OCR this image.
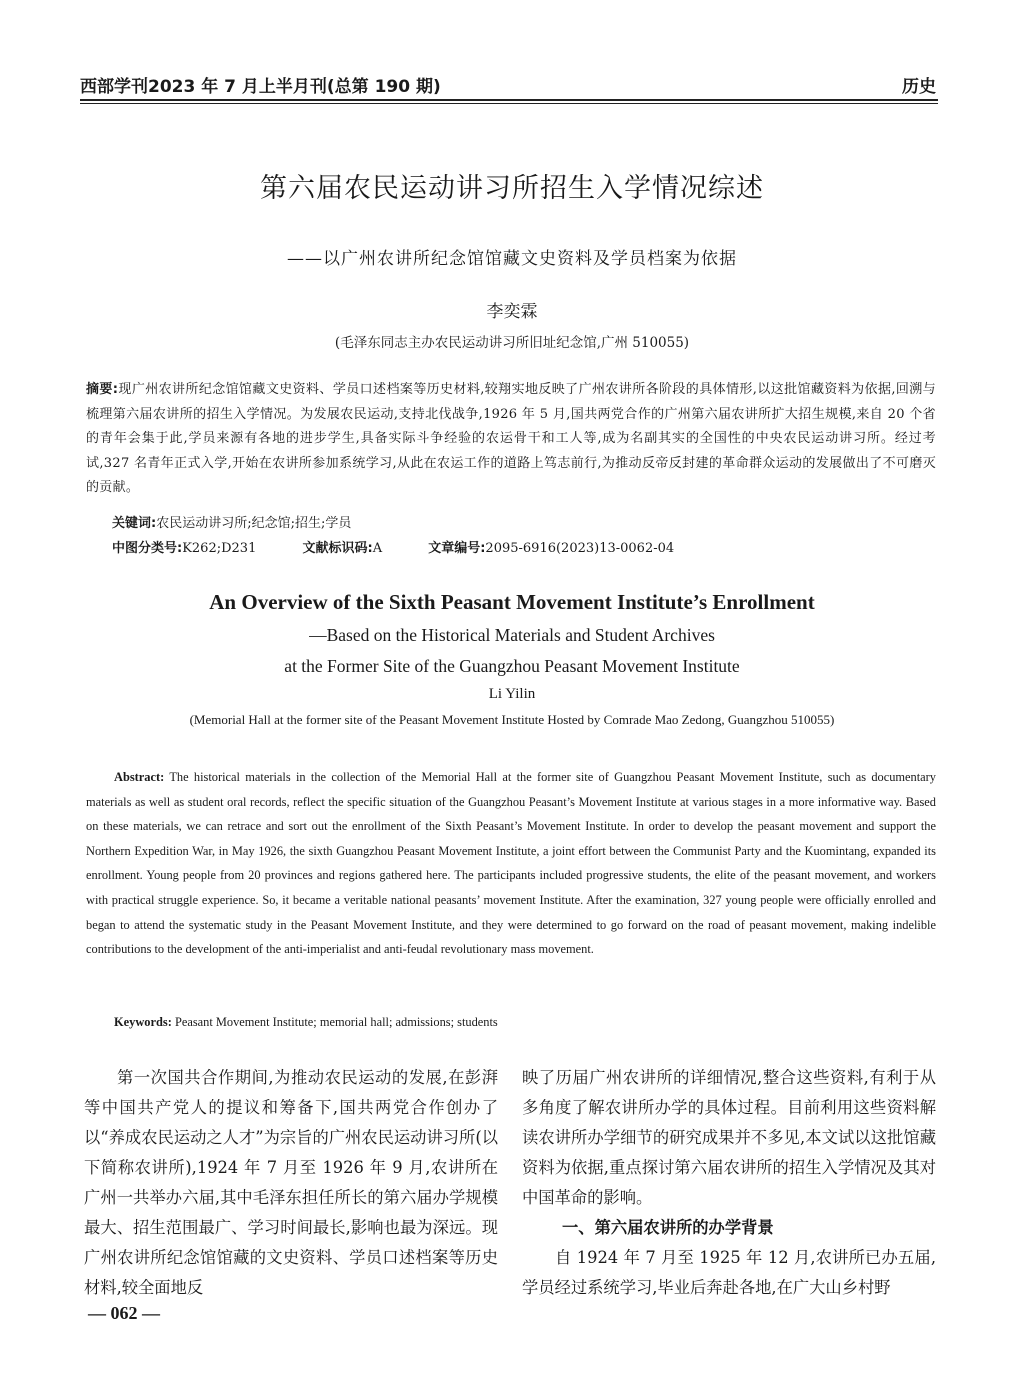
西部学刊2023 年 7 月上半月刊(总第 190 期)	历史
第六届农民运动讲习所招生入学情况综述
——以广州农讲所纪念馆馆藏文史资料及学员档案为依据
李奕霖
(毛泽东同志主办农民运动讲习所旧址纪念馆,广州 510055)
摘要:现广州农讲所纪念馆馆藏文史资料、学员口述档案等历史材料,较翔实地反映了广州农讲所各阶段的具体情形,以这批馆藏资料为依据,回溯与梳理第六届农讲所的招生入学情况。为发展农民运动,支持北伐战争,1926 年 5 月,国共两党合作的广州第六届农讲所扩大招生规模,来自 20 个省的青年会集于此,学员来源有各地的进步学生,具备实际斗争经验的农运骨干和工人等,成为名副其实的全国性的中央农民运动讲习所。经过考试,327 名青年正式入学,开始在农讲所参加系统学习,从此在农运工作的道路上笃志前行,为推动反帝反封建的革命群众运动的发展做出了不可磨灭的贡献。
关键词:农民运动讲习所;纪念馆;招生;学员
中图分类号:K262;D231	文献标识码:A	文章编号:2095-6916(2023)13-0062-04
An Overview of the Sixth Peasant Movement Institute’s Enrollment
—Based on the Historical Materials and Student Archives
at the Former Site of the Guangzhou Peasant Movement Institute
Li Yilin
(Memorial Hall at the former site of the Peasant Movement Institute Hosted by Comrade Mao Zedong, Guangzhou 510055)
Abstract: The historical materials in the collection of the Memorial Hall at the former site of Guangzhou Peasant Movement Institute, such as documentary materials as well as student oral records, reflect the specific situation of the Guangzhou Peasant’s Movement Institute at various stages in a more informative way. Based on these materials, we can retrace and sort out the enrollment of the Sixth Peasant’s Movement Institute. In order to develop the peasant movement and support the Northern Expedition War, in May 1926, the sixth Guangzhou Peasant Movement Institute, a joint effort between the Communist Party and the Kuomintang, expanded its enrollment. Young people from 20 provinces and regions gathered here. The participants included progressive students, the elite of the peasant movement, and workers with practical struggle experience. So, it became a veritable national peasants’ movement Institute. After the examination, 327 young people were officially enrolled and began to attend the systematic study in the Peasant Movement Institute, and they were determined to go forward on the road of peasant movement, making indelible contributions to the development of the anti-imperialist and anti-feudal revolutionary mass movement.
Keywords: Peasant Movement Institute; memorial hall; admissions; students
第一次国共合作期间,为推动农民运动的发展,在彭湃等中国共产党人的提议和筹备下,国共两党合作创办了以“养成农民运动之人才”为宗旨的广州农民运动讲习所(以下简称农讲所),1924 年 7 月至 1926 年 9 月,农讲所在广州一共举办六届,其中毛泽东担任所长的第六届办学规模最大、招生范围最广、学习时间最长,影响也最为深远。现广州农讲所纪念馆馆藏的文史资料、学员口述档案等历史材料,较全面地反
映了历届广州农讲所的详细情况,整合这些资料,有利于从多角度了解农讲所办学的具体过程。目前利用这些资料解读农讲所办学细节的研究成果并不多见,本文试以这批馆藏资料为依据,重点探讨第六届农讲所的招生入学情况及其对中国革命的影响。
一、第六届农讲所的办学背景
自 1924 年 7 月至 1925 年 12 月,农讲所已办五届,学员经过系统学习,毕业后奔赴各地,在广大山乡村野
— 062 —
